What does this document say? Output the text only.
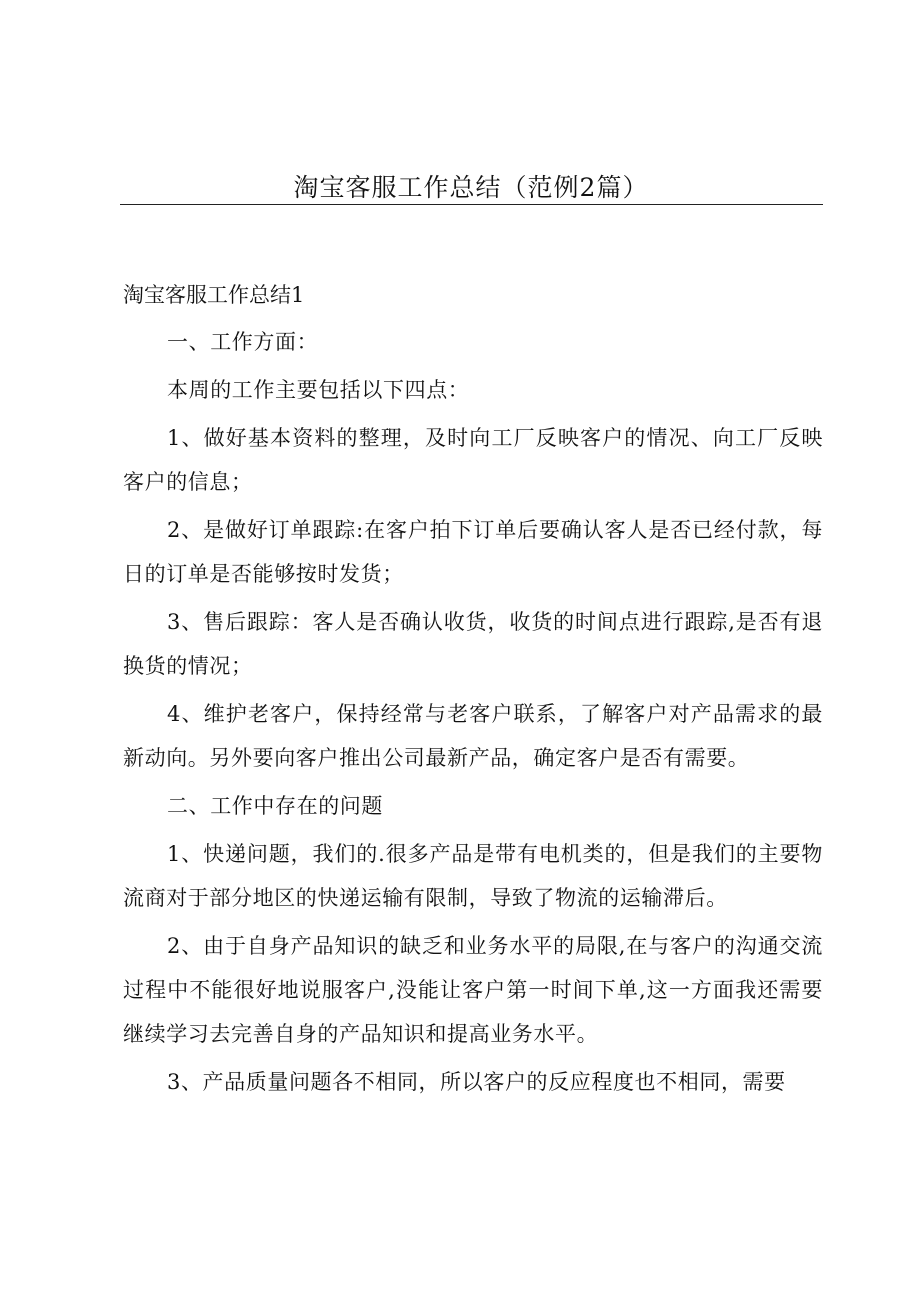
淘宝客服工作总结（范例2篇）

淘宝客服工作总结1

一、工作方面：

本周的工作主要包括以下四点：

1、做好基本资料的整理，及时向工厂反映客户的情况、向工厂反映客户的信息；

2、是做好订单跟踪:在客户拍下订单后要确认客人是否已经付款，每日的订单是否能够按时发货；

3、售后跟踪：客人是否确认收货，收货的时间点进行跟踪,是否有退换货的情况；

4、维护老客户，保持经常与老客户联系，了解客户对产品需求的最新动向。另外要向客户推出公司最新产品，确定客户是否有需要。

二、工作中存在的问题

1、快递问题，我们的.很多产品是带有电机类的，但是我们的主要物流商对于部分地区的快递运输有限制，导致了物流的运输滞后。

2、由于自身产品知识的缺乏和业务水平的局限,在与客户的沟通交流过程中不能很好地说服客户,没能让客户第一时间下单,这一方面我还需要继续学习去完善自身的产品知识和提高业务水平。

3、产品质量问题各不相同，所以客户的反应程度也不相同，需要
